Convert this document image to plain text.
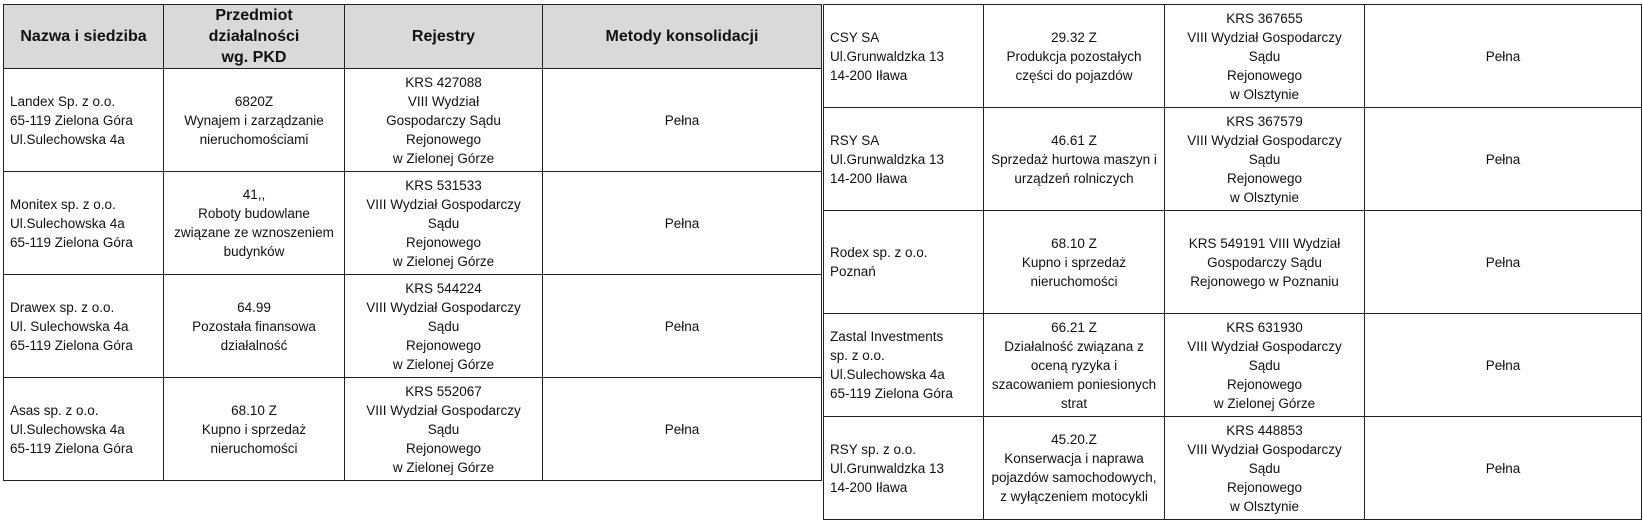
Nazwa i siedziba	Przedmiot działalności
wg. PKD	Rejestry	Metody konsolidacji
Landex Sp. z o.o.
65-119 Zielona Góra
Ul.Sulechowska 4a	6820Z
Wynajem i zarządzanie
nieruchomościami	KRS 427088
VIII Wydział
Gospodarczy Sądu
Rejonowego
w Zielonej Górze	Pełna
Monitex sp. z o.o.
Ul.Sulechowska 4a
65-119 Zielona Góra	41,,
Roboty budowlane
związane ze wznoszeniem
budynków	KRS 531533
VIII Wydział Gospodarczy Sądu
Rejonowego
w Zielonej Górze	Pełna
Drawex sp. z o.o.
Ul. Sulechowska 4a
65-119 Zielona Góra	64.99
Pozostała finansowa
działalność	KRS 544224
VIII Wydział Gospodarczy Sądu
Rejonowego
w Zielonej Górze	Pełna
Asas sp. z o.o.
Ul.Sulechowska 4a
65-119 Zielona Góra	68.10 Z
Kupno i sprzedaż
nieruchomości	KRS 552067
VIII Wydział Gospodarczy Sądu
Rejonowego
w Zielonej Górze	Pełna
CSY SA
Ul.Grunwaldzka 13
14-200 Iława	29.32 Z
Produkcja pozostałych
części do pojazdów	KRS 367655
VIII Wydział Gospodarczy Sądu
Rejonowego
w Olsztynie	Pełna
RSY SA
Ul.Grunwaldzka 13
14-200 Iława	46.61 Z
Sprzedaż hurtowa maszyn i
urządzeń rolniczych	KRS 367579
VIII Wydział Gospodarczy Sądu
Rejonowego
w Olsztynie	Pełna
Rodex sp. z o.o.
Poznań	68.10 Z
Kupno i sprzedaż
nieruchomości	KRS 549191 VIII Wydział
Gospodarczy Sądu
Rejonowego w Poznaniu	Pełna
Zastal Investments
sp. z o.o.
Ul.Sulechowska 4a
65-119 Zielona Góra	66.21 Z
Działalność związana z
oceną ryzyka i
szacowaniem poniesionych
strat	KRS 631930
VIII Wydział Gospodarczy Sądu
Rejonowego
w Zielonej Górze	Pełna
RSY sp. z o.o.
Ul.Grunwaldzka 13
14-200 Iława	45.20.Z
Konserwacja i naprawa
pojazdów samochodowych,
z wyłączeniem motocykli	KRS 448853
VIII Wydział Gospodarczy Sądu
Rejonowego
w Olsztynie	Pełna
